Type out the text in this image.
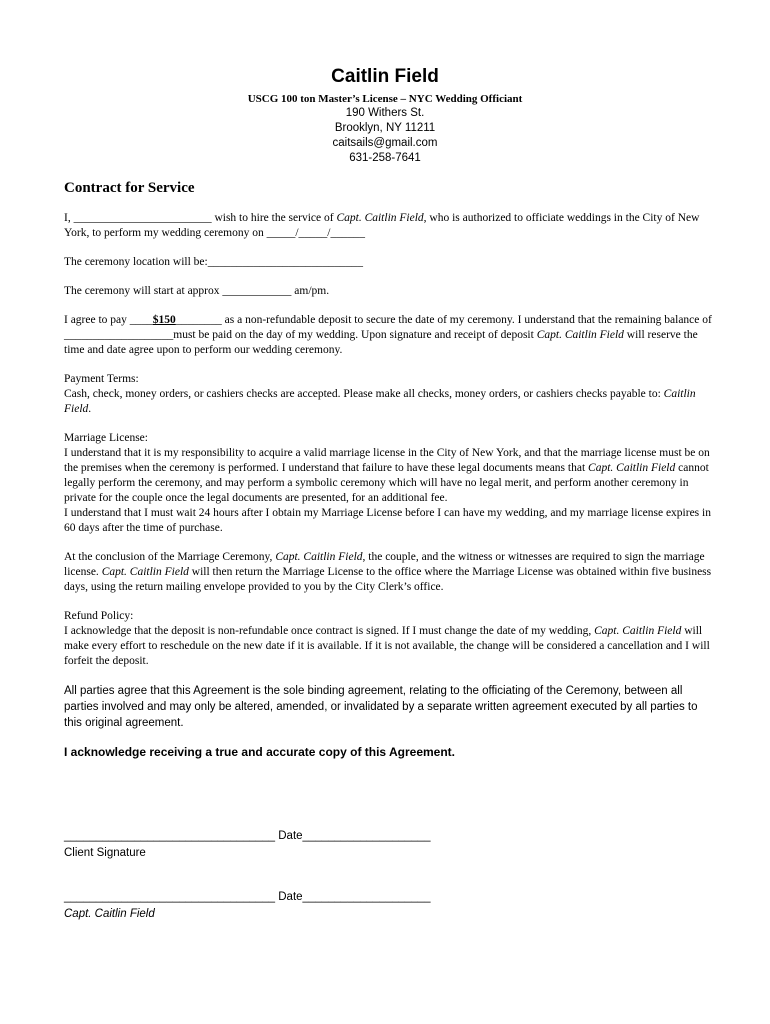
Caitlin Field
USCG 100 ton Master’s License – NYC Wedding Officiant
190 Withers St.
Brooklyn, NY 11211
caitsails@gmail.com
631-258-7641
Contract for Service

I, ________________________ wish to hire the service of Capt. Caitlin Field, who is authorized to officiate weddings in the City of New York, to perform my wedding ceremony on _____/_____/______

The ceremony location will be:___________________________

The ceremony will start at approx ____________ am/pm.

I agree to pay ____$150________ as a non-refundable deposit to secure the date of my ceremony. I understand that the remaining balance of ___________________must be paid on the day of my wedding. Upon signature and receipt of deposit Capt. Caitlin Field will reserve the time and date agree upon to perform our wedding ceremony.

Payment Terms:
Cash, check, money orders, or cashiers checks are accepted. Please make all checks, money orders, or cashiers checks payable to: Caitlin Field.

Marriage License:
I understand that it is my responsibility to acquire a valid marriage license in the City of New York, and that the marriage license must be on the premises when the ceremony is performed. I understand that failure to have these legal documents means that Capt. Caitlin Field cannot legally perform the ceremony, and may perform a symbolic ceremony which will have no legal merit, and perform another ceremony in private for the couple once the legal documents are presented, for an additional fee.
I understand that I must wait 24 hours after I obtain my Marriage License before I can have my wedding, and my marriage license expires in 60 days after the time of purchase.

At the conclusion of the Marriage Ceremony, Capt. Caitlin Field, the couple, and the witness or witnesses are required to sign the marriage license. Capt. Caitlin Field will then return the Marriage License to the office where the Marriage License was obtained within five business days, using the return mailing envelope provided to you by the City Clerk’s office.

Refund Policy:
I acknowledge that the deposit is non-refundable once contract is signed. If I must change the date of my wedding, Capt. Caitlin Field will make every effort to reschedule on the new date if it is available. If it is not available, the change will be considered a cancellation and I will forfeit the deposit.

All parties agree that this Agreement is the sole binding agreement, relating to the officiating of the Ceremony, between all parties involved and may only be altered, amended, or invalidated by a separate written agreement executed by all parties to this original agreement.

I acknowledge receiving a true and accurate copy of this Agreement.
_________________________________ Date____________________
Client Signature
_________________________________ Date____________________
Capt. Caitlin Field
